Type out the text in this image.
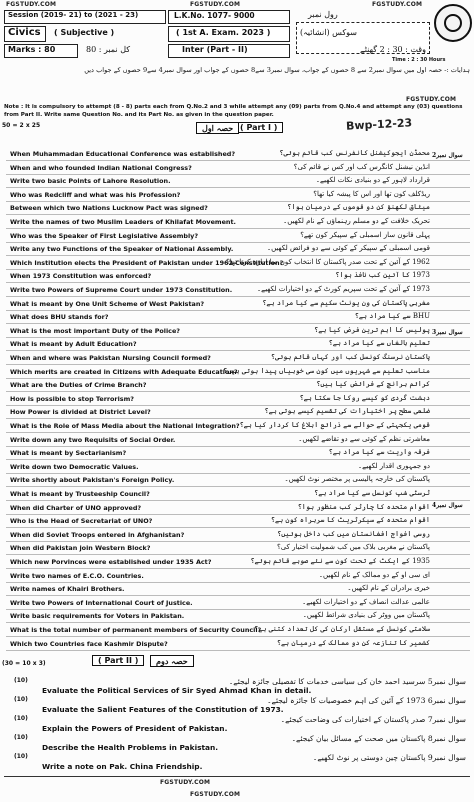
FGSTUDY.COM	FGSTUDY.COM	FGSTUDY.COM
Session (2019- 21) to (2021 - 23)	L.K.No. 1077- 9000	رول نمبر
Civics ( Subjective )	( 1st A. Exam. 2023 )	سوکس (انشائیہ)
Marks : 80	کل نمبر : 80	Inter (Part - II)	وقت : 30 : 2 گھنٹے
Time : 2 : 30 Hours
ہدایات :- حصہ اول میں سوال نمبر2 سے 8 حصوں کے جواب، سوال نمبر3 سے8 حصوں کے جواب اور سوال نمبر4 سے9 حصوں کے جواب دیں
FGSTUDY.COM
Note : It is compulsory to attempt (8 - 8) parts each from Q.No.2 and 3 while attempt any (09) parts from Q.No.4 and attempt any (03) questions from Part II. Write same Question No. and its Part No. as given in the question paper.
50 = 2 x 25	( Part I )
حصہ اول	Bwp-12-23
سوال نمبر2
سوال نمبر3
سوال نمبر4
When Muhammadan Educational Conference was established?	محمڈن ایجوکیشنل کانفرنس کب قائم ہوئی؟
When and who founded Indian National Congress?	انڈین نیشنل کانگرس کب اور کس نے قائم کی؟
Write two basic Points of Lahore Resolution.	قرارداد لاہور کے دو بنیادی نکات لکھیے۔
Who was Redcliff and what was his Profession?	ریڈکلف کون تھا اور اس کا پیشہ کیا تھا؟
Between which two Nations Lucknow Pact was signed?	میثاق لکھنؤ کن دو قوموں کے درمیان ہوا؟
Write the names of two Muslim Leaders of Khilafat Movement.	تحریک خلافت کے دو مسلم رہنماؤں کے نام لکھیں۔
Who was the Speaker of First Legislative Assembly?	پہلی قانون ساز اسمبلی کے سپیکر کون تھے؟
Write any two Functions of the Speaker of National Assembly.	قومی اسمبلی کے سپیکر کے کوئی سے دو فرائض لکھیں۔
Which Institution elects the President of Pakistan under 1962 Constitution?
1962 کے آئین کے تحت صدر پاکستان کا انتخاب کون سا ادارہ کرتا تھا؟
When 1973 Constitution was enforced?	1973 کا آئین کب نافذ ہوا؟
Write two Powers of Supreme Court under 1973 Constitution.	1973 کے آئین کے تحت سپریم کورٹ کے دو اختیارات لکھیے۔
What is meant by One Unit Scheme of West Pakistan?	مغربی پاکستان کی ون یونٹ سکیم سے کیا مراد ہے؟
What does BHU stands for?	BHU سے کیا مراد ہے؟
What is the most important Duty of the Police?	پولیس کا اہم ترین فرض کیا ہے؟
What is meant by Adult Education?	تعلیم بالغاں سے کیا مراد ہے؟
When and where was Pakistan Nursing Council formed?	پاکستان نرسنگ کونسل کب اور کہاں قائم ہوئی؟
Which merits are created in Citizens with Adequate Education?
مناسب تعلیم سے شہریوں میں کون سی خوبیاں پیدا ہوتی ہیں؟
What are the Duties of Crime Branch?	کرائم برانچ کے فرائض کیا ہیں؟
How is possible to stop Terrorism?	دہشت گردی کو کیسے روکا جا سکتا ہے؟
How Power is divided at District Level?	ضلعی سطح پر اختیارات کی تقسیم کیسے ہوتی ہے؟
What is the Role of Mass Media about the National Integration? قومی یکجہتی کے حوالے سے ذرائع ابلاغ کا کردار کیا ہے؟
Write down any two Requisits of Social Order.	معاشرتی نظم کے کوئی سے دو تقاضے لکھیں۔
What is meant by Sectarianism?	فرقہ واریت سے کیا مراد ہے؟
Write down two Democratic Values.	دو جمہوری اقدار لکھیے۔
Write shortly about Pakistan's Foreign Policy.	پاکستان کی خارجہ پالیسی پر مختصر نوٹ لکھیں۔
What is meant by Trusteeship Council?	ٹرسٹی شپ کونسل سے کیا مراد ہے؟
When did Charter of UNO approved?	اقوام متحدہ کا چارٹر کب منظور ہوا؟
Who is the Head of Secretariat of UNO?	اقوام متحدہ کے سیکرٹریٹ کا سربراہ کون ہے؟
When did Soviet Troops entered in Afghanistan?	روسی افواج افغانستان میں کب داخل ہوئیں؟
When did Pakistan join Western Block?	پاکستان نے مغربی بلاک میں کب شمولیت اختیار کی؟
Which new Porvinces were established under 1935 Act?	1935 کے ایکٹ کے تحت کون سے نئے صوبے قائم ہوئے؟
Write two names of E.C.O. Countries.	ای سی او کے دو ممالک کے نام لکھیں۔
Write names of Khairi Brothers.	خیری برادران کے نام لکھیں۔
Write two Powers of International Court of Justice.	عالمی عدالت انصاف کے دو اختیارات لکھیے۔
Write basic requirements for Voters in Pakistan.	پاکستان میں ووٹر کی بنیادی شرائط لکھیں۔
What is the total number of permanent members of Security Council?
سلامتی کونسل کے مستقل ارکان کی کل تعداد کتنی ہے؟
Which two Countries face Kashmir Dispute?	کشمیر کا تنازعہ کن دو ممالک کے درمیان ہے؟
(30 = 10 x 3)	( Part II )	حصہ دوم
(10)
Evaluate the Political Services of Sir Syed Ahmad Khan in detail.
سوال نمبر5 سرسید احمد خان کی سیاسی خدمات کا تفصیلی جائزہ لیجئے۔
(10)
Evaluate the Salient Features of the Constitution of 1973.
سوال نمبر6 1973 کے آئین کی اہم خصوصیات کا جائزہ لیجئے۔
(10)
Explain the Powers of President of Pakistan.
سوال نمبر7 صدر پاکستان کے اختیارات کی وضاحت کیجئے۔
(10)
Describe the Health Problems in Pakistan.
سوال نمبر8 پاکستان میں صحت کے مسائل بیان کیجئے۔
(10)
Write a note on Pak. China Friendship.
سوال نمبر9 پاکستان چین دوستی پر نوٹ لکھیے۔
FGSTUDY.COM
FGSTUDY.COM
